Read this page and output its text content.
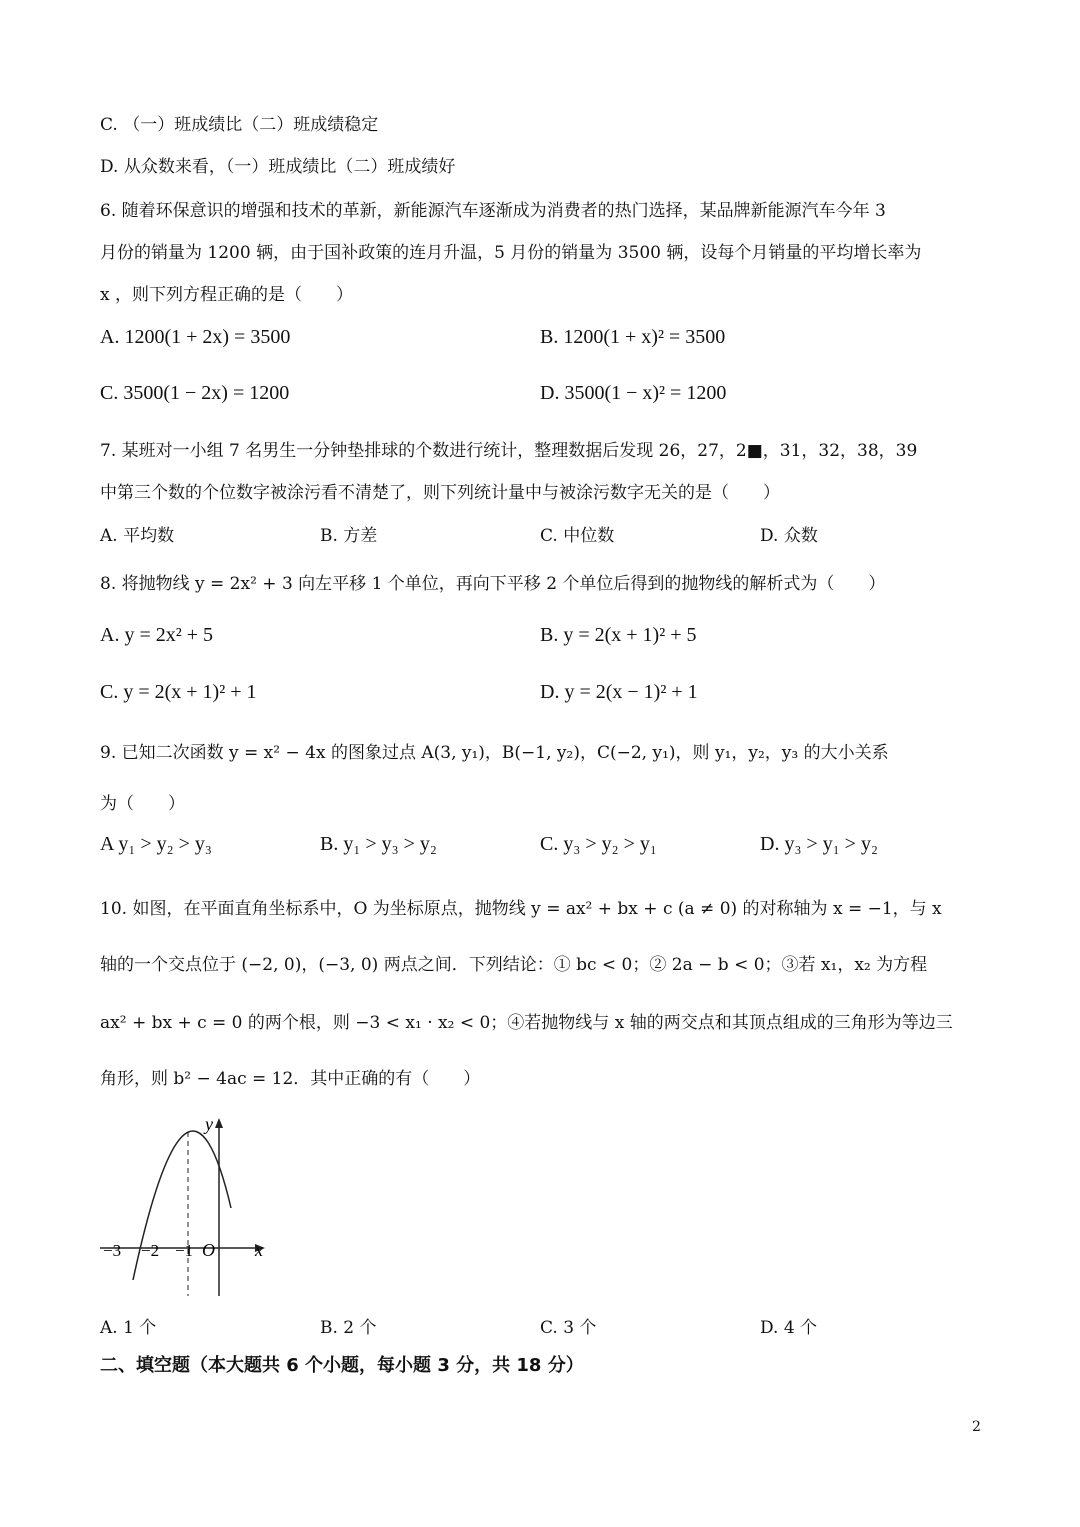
C. （一）班成绩比（二）班成绩稳定
D. 从众数来看，（一）班成绩比（二）班成绩好
6. 随着环保意识的增强和技术的革新，新能源汽车逐渐成为消费者的热门选择，某品牌新能源汽车今年 3
月份的销量为 1200 辆，由于国补政策的连月升温，5 月份的销量为 3500 辆，设每个月销量的平均增长率为
x ，则下列方程正确的是（　　）
A. 1200(1 + 2x) = 3500	B. 1200(1 + x)² = 3500
C. 3500(1 − 2x) = 1200	D. 3500(1 − x)² = 1200
7. 某班对一小组 7 名男生一分钟垫排球的个数进行统计，整理数据后发现 26，27，2■，31，32，38，39
中第三个数的个位数字被涂污看不清楚了，则下列统计量中与被涂污数字无关的是（　　）
A. 平均数	B. 方差	C. 中位数	D. 众数
8. 将抛物线 y = 2x² + 3 向左平移 1 个单位，再向下平移 2 个单位后得到的抛物线的解析式为（　　）
A. y = 2x² + 5	B. y = 2(x + 1)² + 5
C. y = 2(x + 1)² + 1	D. y = 2(x − 1)² + 1
9. 已知二次函数 y = x² − 4x 的图象过点 A(3, y₁)，B(−1, y₂)，C(−2, y₁)，则 y₁，y₂，y₃ 的大小关系
为（　　）
A y₁ > y₂ > y₃	B. y₁ > y₃ > y₂	C. y₃ > y₂ > y₁	D. y₃ > y₁ > y₂
10. 如图，在平面直角坐标系中，O 为坐标原点，抛物线 y = ax² + bx + c (a ≠ 0) 的对称轴为 x = −1，与 x
轴的一个交点位于 (−2, 0)，(−3, 0) 两点之间．下列结论：① bc < 0；② 2a − b < 0；③若 x₁，x₂ 为方程
ax² + bx + c = 0 的两个根，则 −3 < x₁ · x₂ < 0；④若抛物线与 x 轴的两交点和其顶点组成的三角形为等边三
角形，则 b² − 4ac = 12．其中正确的有（　　）
y
x
−3 −2 −1 O
A. 1 个	B. 2 个	C. 3 个	D. 4 个
二、填空题（本大题共 6 个小题，每小题 3 分，共 18 分）
2
